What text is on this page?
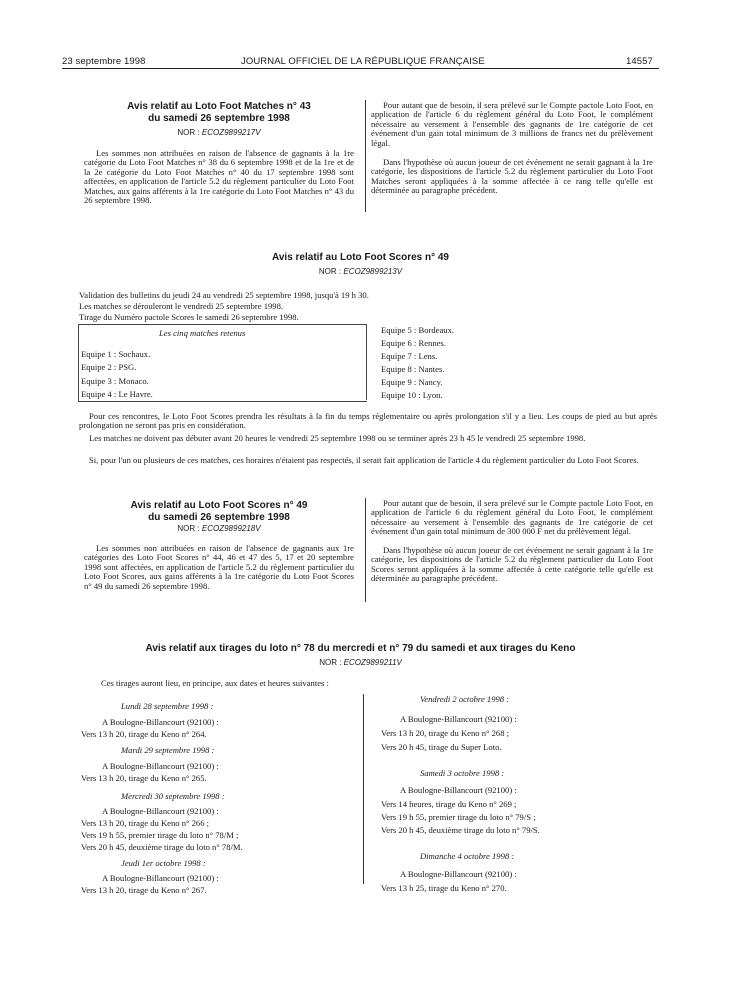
23 septembre 1998	JOURNAL OFFICIEL DE LA RÉPUBLIQUE FRANÇAISE	14557
Avis relatif au Loto Foot Matches n° 43
du samedi 26 septembre 1998
NOR : ECOZ9899217V
Les sommes non attribuées en raison de l'absence de gagnants à la 1re catégorie du Loto Foot Matches n° 38 du 6 septembre 1998 et de la 1re et de la 2e catégorie du Loto Foot Matches n° 40 du 17 septembre 1998 sont affectées, en application de l'article 5.2 du règlement particulier du Loto Foot Matches, aux gains afférents à la 1re catégorie du Loto Foot Matches n° 43 du 26 septembre 1998.
Pour autant que de besoin, il sera prélevé sur le Compte pactole Loto Foot, en application de l'article 6 du règlement général du Loto Foot, le complément nécessaire au versement à l'ensemble des gagnants de 1re catégorie de cet événement d'un gain total minimum de 3 millions de francs net du prélèvement légal.
Dans l'hypothèse où aucun joueur de cet événement ne serait gagnant à la 1re catégorie, les dispositions de l'article 5.2 du règlement particulier du Loto Foot Matches seront appliquées à la somme affectée à ce rang telle qu'elle est déterminée au paragraphe précédent.
Avis relatif au Loto Foot Scores n° 49
NOR : ECOZ9899213V
Validation des bulletins du jeudi 24 au vendredi 25 septembre 1998, jusqu'à 19 h 30.
Les matches se dérouleront le vendredi 25 septembre 1998.
Tirage du Numéro pactole Scores le samedi 26 septembre 1998.
Les cinq matches retenus
Equipe 1 : Sochaux.
Equipe 2 : PSG.
Equipe 3 : Monaco.
Equipe 4 : Le Havre.
Equipe 5 : Bordeaux.
Equipe 6 : Rennes.
Equipe 7 : Lens.
Equipe 8 : Nantes.
Equipe 9 : Nancy.
Equipe 10 : Lyon.
Pour ces rencontres, le Loto Foot Scores prendra les résultats à la fin du temps réglementaire ou après prolongation s'il y a lieu. Les coups de pied au but après prolongation ne seront pas pris en considération.
Les matches ne doivent pas débuter avant 20 heures le vendredi 25 septembre 1998 ou se terminer après 23 h 45 le vendredi 25 septembre 1998.
Si, pour l'un ou plusieurs de ces matches, ces horaires n'étaient pas respectés, il serait fait application de l'article 4 du règlement particulier du Loto Foot Scores.
Avis relatif au Loto Foot Scores n° 49
du samedi 26 septembre 1998
NOR : ECOZ9899218V
Les sommes non attribuées en raison de l'absence de gagnants aux 1re catégories des Loto Foot Scores n° 44, 46 et 47 des 5, 17 et 20 septembre 1998 sont affectées, en application de l'article 5.2 du règlement particulier du Loto Foot Scores, aux gains afférents à la 1re catégorie du Loto Foot Scores n° 49 du samedi 26 septembre 1998.
Pour autant que de besoin, il sera prélevé sur le Compte pactole Loto Foot, en application de l'article 6 du règlement général du Loto Foot, le complément nécessaire au versement à l'ensemble des gagnants de 1re catégorie de cet événement d'un gain total minimum de 300 000 F net du prélèvement légal.
Dans l'hypothèse où aucun joueur de cet événement ne serait gagnant à la 1re catégorie, les dispositions de l'article 5.2 du règlement particulier du Loto Foot Scores seront appliquées à la somme affectée à cette catégorie telle qu'elle est déterminée au paragraphe précédent.
Avis relatif aux tirages du loto n° 78 du mercredi et n° 79 du samedi et aux tirages du Keno
NOR : ECOZ9899211V
Ces tirages auront lieu, en principe, aux dates et heures suivantes :
Lundi 28 septembre 1998 :
A Boulogne-Billancourt (92100) :
Vers 13 h 20, tirage du Keno n° 264.
Mardi 29 septembre 1998 :
A Boulogne-Billancourt (92100) :
Vers 13 h 20, tirage du Keno n° 265.
Mercredi 30 septembre 1998 :
A Boulogne-Billancourt (92100) :
Vers 13 h 20, tirage du Keno n° 266 ;
Vers 19 h 55, premier tirage du loto n° 78/M ;
Vers 20 h 45, deuxième tirage du loto n° 78/M.
Jeudi 1er octobre 1998 :
A Boulogne-Billancourt (92100) :
Vers 13 h 20, tirage du Keno n° 267.
Vendredi 2 octobre 1998 :
A Boulogne-Billancourt (92100) :
Vers 13 h 20, tirage du Keno n° 268 ;
Vers 20 h 45, tirage du Super Loto.
Samedi 3 octobre 1998 :
A Boulogne-Billancourt (92100) :
Vers 14 heures, tirage du Keno n° 269 ;
Vers 19 h 55, premier tirage du loto n° 79/S ;
Vers 20 h 45, deuxième tirage du loto n° 79/S.
Dimanche 4 octobre 1998 :
A Boulogne-Billancourt (92100) :
Vers 13 h 25, tirage du Keno n° 270.
